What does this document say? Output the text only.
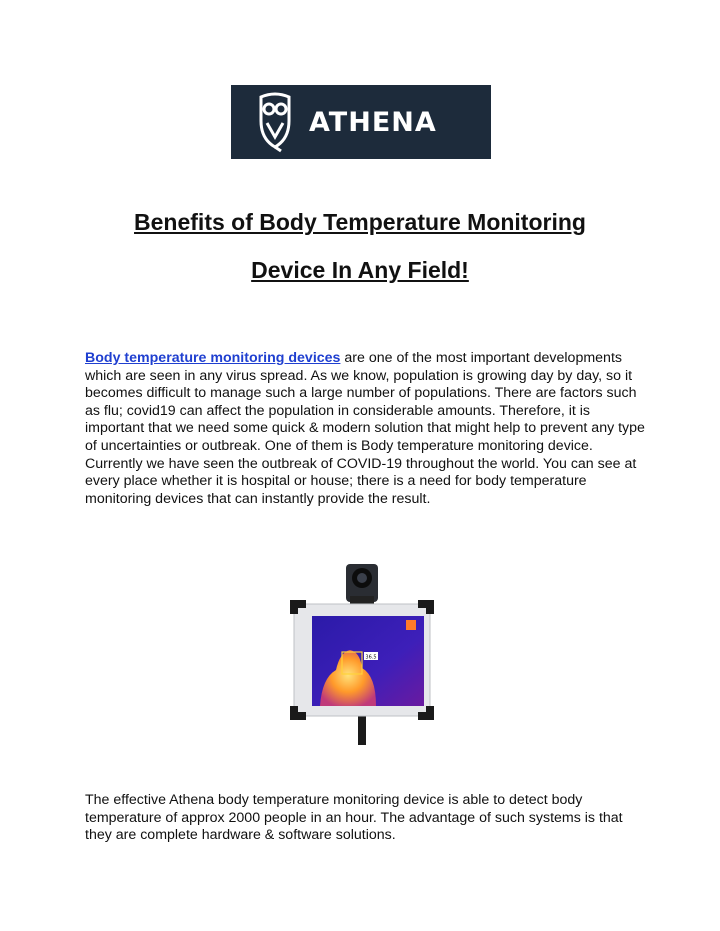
ATHENA
Benefits of Body Temperature Monitoring
Device In Any Field!
Body temperature monitoring devices are one of the most important developments which are seen in any virus spread. As we know, population is growing day by day, so it becomes difficult to manage such a large number of populations. There are factors such as flu; covid19 can affect the population in considerable amounts. Therefore, it is important that we need some quick & modern solution that might help to prevent any type of uncertainties or outbreak. One of them is Body temperature monitoring device. Currently we have seen the outbreak of COVID-19 throughout the world. You can see at every place whether it is hospital or house; there is a need for body temperature monitoring devices that can instantly provide the result.
36.5
The effective Athena body temperature monitoring device is able to detect body temperature of approx 2000 people in an hour. The advantage of such systems is that they are complete hardware & software solutions.
